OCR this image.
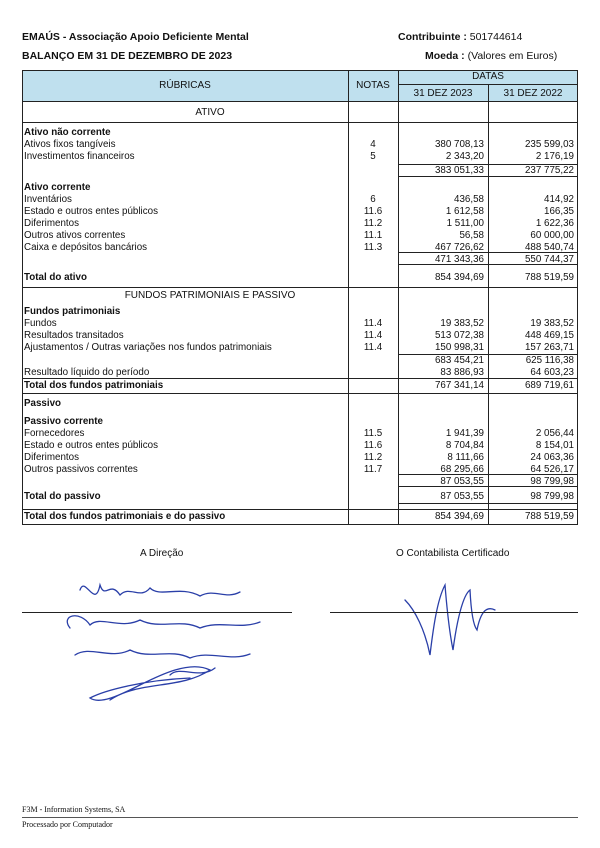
EMAÚS - Associação Apoio Deficiente Mental
BALANÇO EM 31 DE DEZEMBRO DE 2023
Contribuinte : 501744614
Moeda : (Valores em Euros)
RÚBRICAS	NOTAS
DATAS
31 DEZ 2023	31 DEZ 2022
ATIVO
FUNDOS PATRIMONIAIS E PASSIVO
Ativo não corrente
Ativos fixos tangíveis	4	380 708,13	235 599,03
Investimentos financeiros	5	2 343,20	2 176,19
383 051,33	237 775,22
Ativo corrente
Inventários	6	436,58	414,92
Estado e outros entes públicos	11.6	1 612,58	166,35
Diferimentos	11.2	1 511,00	1 622,36
Outros ativos correntes	11.1	56,58	60 000,00
Caixa e depósitos bancários	11.3	467 726,62	488 540,74
471 343,36	550 744,37
Total do ativo	854 394,69	788 519,59
Fundos patrimoniais
Fundos	11.4	19 383,52	19 383,52
Resultados transitados	11.4	513 072,38	448 469,15
Ajustamentos / Outras variações nos fundos patrimoniais	11.4	150 998,31	157 263,71
683 454,21	625 116,38
Resultado líquido do período	83 886,93	64 603,23
Total dos fundos patrimoniais	767 341,14	689 719,61
Passivo
Passivo corrente
Fornecedores	11.5	1 941,39	2 056,44
Estado e outros entes públicos	11.6	8 704,84	8 154,01
Diferimentos	11.2	8 111,66	24 063,36
Outros passivos correntes	11.7	68 295,66	64 526,17
87 053,55	98 799,98
Total do passivo	87 053,55	98 799,98
Total dos fundos patrimoniais e do passivo	854 394,69	788 519,59
A Direção	O Contabilista Certificado
F3M - Information Systems, SA
Processado por Computador
